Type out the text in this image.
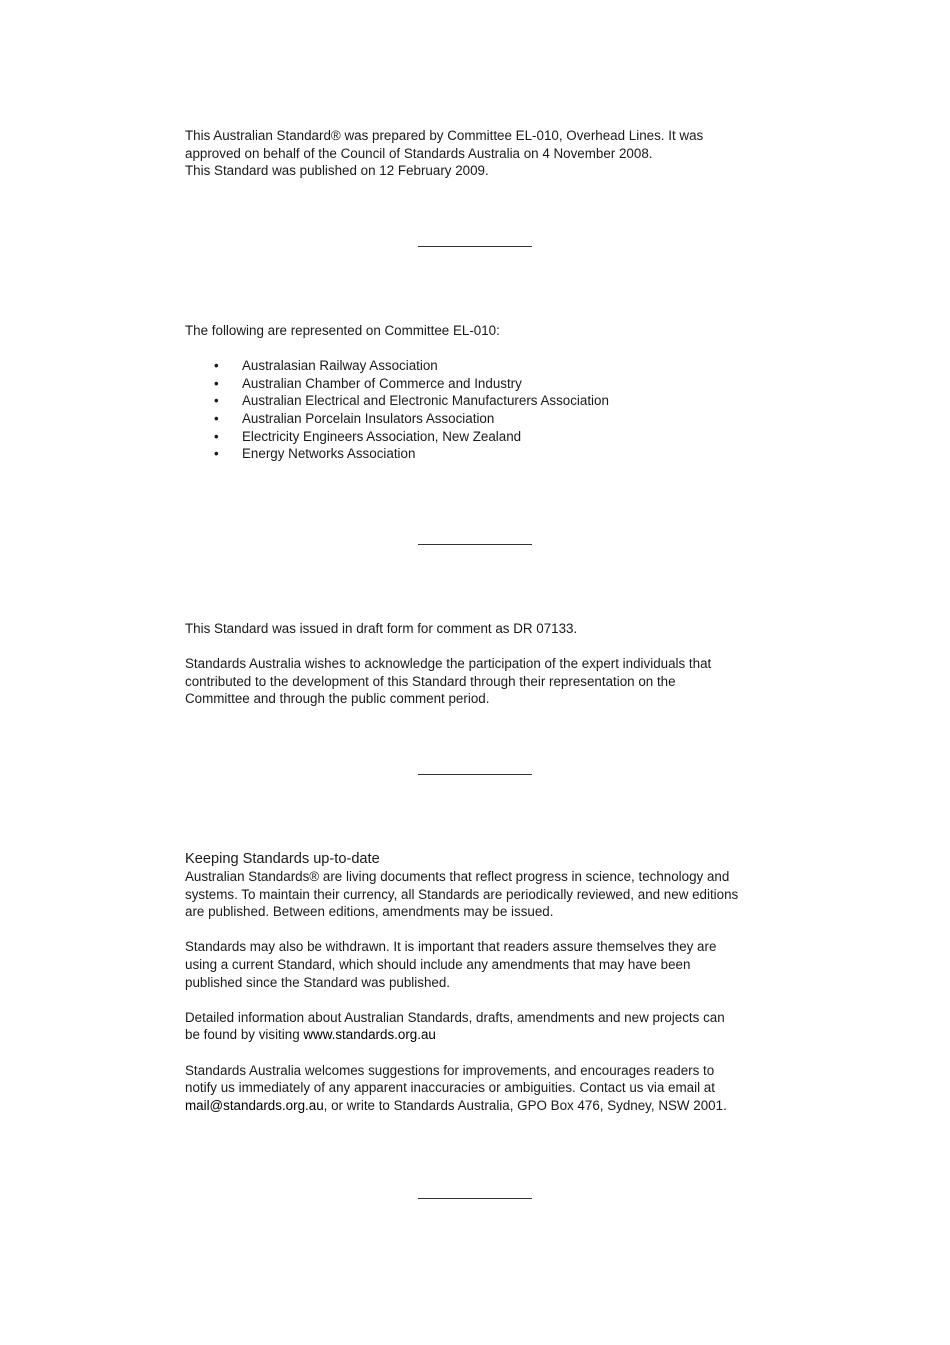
This Australian Standard® was prepared by Committee EL-010, Overhead Lines. It was
approved on behalf of the Council of Standards Australia on 4 November 2008.
This Standard was published on 12 February 2009.
The following are represented on Committee EL-010:
• Australasian Railway Association
• Australian Chamber of Commerce and Industry
• Australian Electrical and Electronic Manufacturers Association
• Australian Porcelain Insulators Association
• Electricity Engineers Association, New Zealand
• Energy Networks Association
This Standard was issued in draft form for comment as DR 07133.
Standards Australia wishes to acknowledge the participation of the expert individuals that
contributed to the development of this Standard through their representation on the
Committee and through the public comment period.
Keeping Standards up-to-date
Australian Standards® are living documents that reflect progress in science, technology and
systems. To maintain their currency, all Standards are periodically reviewed, and new editions
are published. Between editions, amendments may be issued.
Standards may also be withdrawn. It is important that readers assure themselves they are
using a current Standard, which should include any amendments that may have been
published since the Standard was published.
Detailed information about Australian Standards, drafts, amendments and new projects can
be found by visiting www.standards.org.au
Standards Australia welcomes suggestions for improvements, and encourages readers to
notify us immediately of any apparent inaccuracies or ambiguities. Contact us via email at
mail@standards.org.au, or write to Standards Australia, GPO Box 476, Sydney, NSW 2001.
